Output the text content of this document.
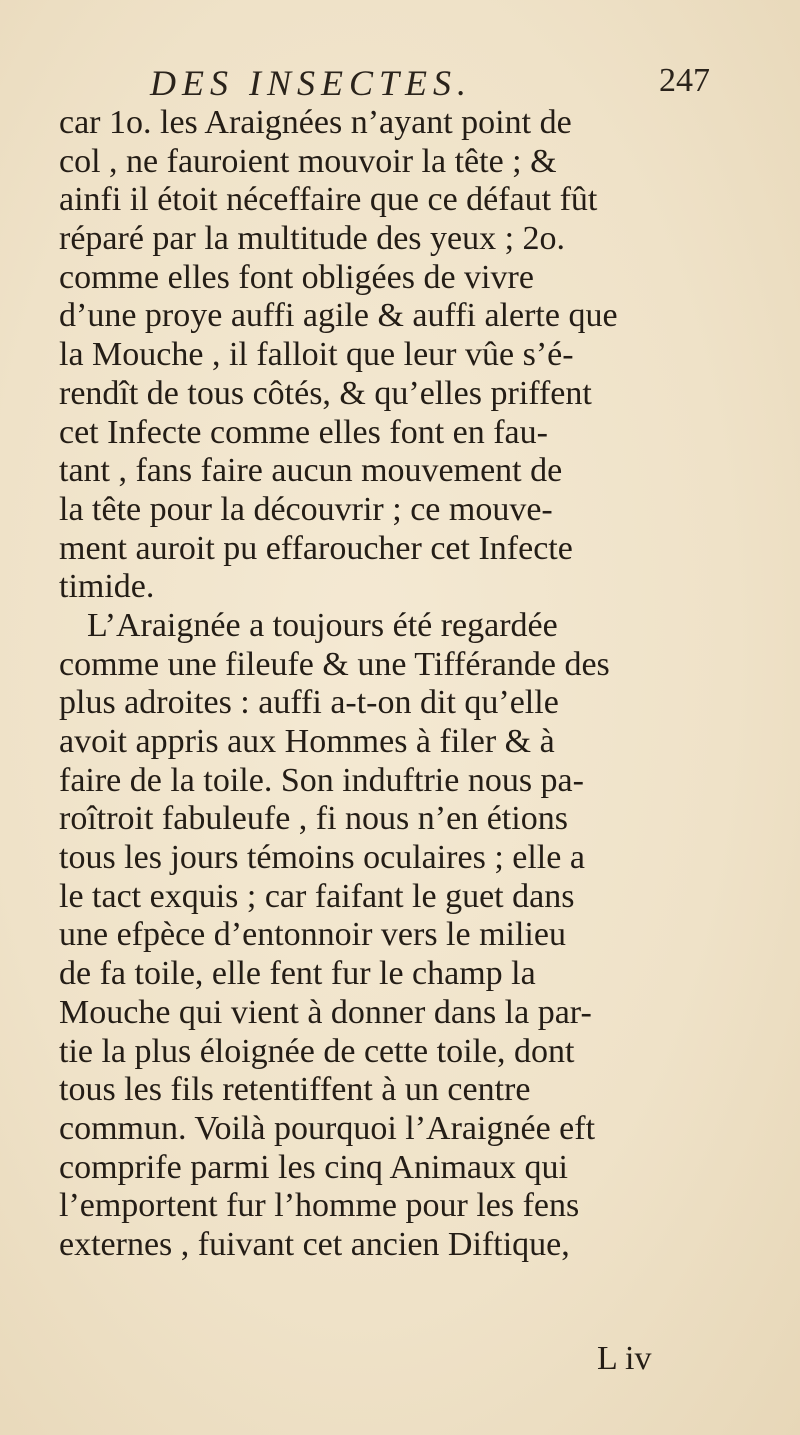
DES INSECTES.	247
car 1o. les Araignées n’ayant point de
col , ne fauroient mouvoir la tête ; &
ainfi il étoit néceffaire que ce défaut fût
réparé par la multitude des yeux ; 2o.
comme elles font obligées de vivre
d’une proye auffi agile & auffi alerte que
la Mouche , il falloit que leur vûe s’é-
rendît de tous côtés, & qu’elles priffent
cet Infecte comme elles font en fau-
tant , fans faire aucun mouvement de
la tête pour la découvrir ; ce mouve-
ment auroit pu effaroucher cet Infecte
timide.
L’Araignée a toujours été regardée
comme une fileufe & une Tifférande des
plus adroites : auffi a-t-on dit qu’elle
avoit appris aux Hommes à filer & à
faire de la toile. Son induftrie nous pa-
roîtroit fabuleufe , fi nous n’en étions
tous les jours témoins oculaires ; elle a
le tact exquis ; car faifant le guet dans
une efpèce d’entonnoir vers le milieu
de fa toile, elle fent fur le champ la
Mouche qui vient à donner dans la par-
tie la plus éloignée de cette toile, dont
tous les fils retentiffent à un centre
commun. Voilà pourquoi l’Araignée eft
comprife parmi les cinq Animaux qui
l’emportent fur l’homme pour les fens
externes , fuivant cet ancien Diftique,
L iv
